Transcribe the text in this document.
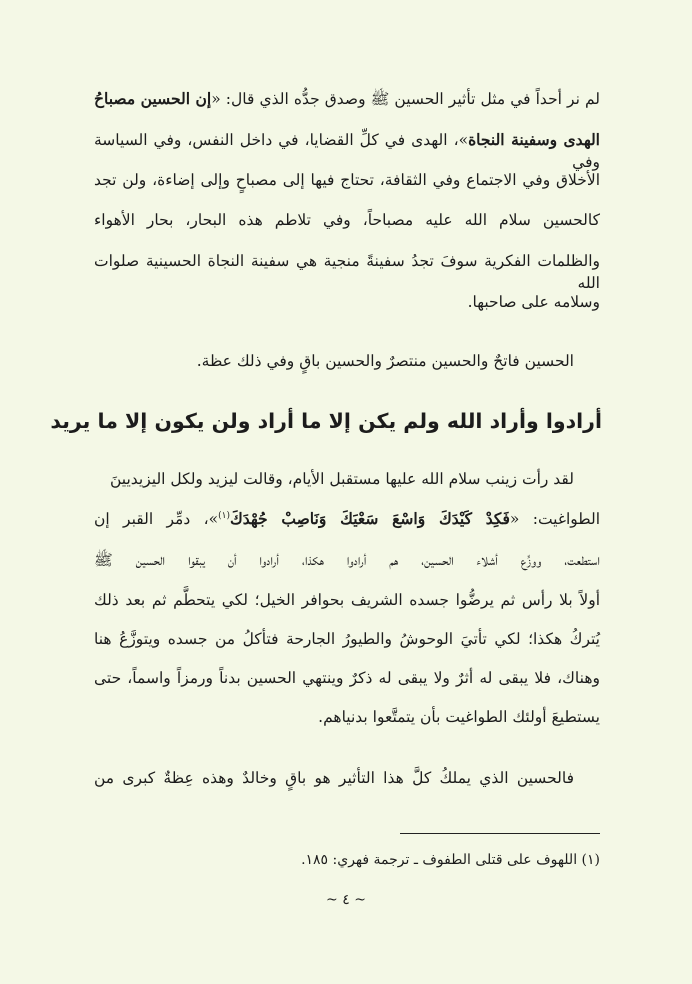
لم نر أحداً في مثل تأثير الحسين ﷺ وصدق جدُّه الذي قال: «إن الحسين مصباحُ
الهدى وسفينة النجاة»، الهدى في كلِّ القضايا، في داخل النفس، وفي السياسة وفي
الأخلاق وفي الاجتماع وفي الثقافة، تحتاج فيها إلى مصباحٍ وإلى إضاءة، ولن تجد
كالحسين سلام الله عليه مصباحاً، وفي تلاطم هذه البحار، بحار الأهواء
والظلمات الفكرية سوفَ تجدُ سفينةً منجية هي سفينة النجاة الحسينية صلوات الله
وسلامه على صاحبها.
الحسين فاتحٌ والحسين منتصرٌ والحسين باقٍ وفي ذلك عظة.
أرادوا وأراد الله ولم يكن إلا ما أراد ولن يكون إلا ما يريد
لقد رأت زينب سلام الله عليها مستقبل الأيام، وقالت ليزيد ولكل اليزيديينَ
الطواغيت: «فَكِدْ كَيْدَكَ وَاسْعَ سَعْيَكَ وَنَاصِبْ جُهْدَكَ$^{(١)}$»، دمِّر القبر إن
استطعت، ووزِّع أشلاء الحسين، هم أرادوا هكذا، أرادوا أن يبقوا الحسين ﷺ
أولاً بلا رأس ثم يرضُّوا جسده الشريف بحوافر الخيل؛ لكي يتحطَّم ثم بعد ذلك
يُتركُ هكذا؛ لكي تأتيَ الوحوشُ والطيورُ الجارحة فتأكلُ من جسده ويتوزَّعُ هنا
وهناك، فلا يبقى له أثرٌ ولا يبقى له ذكرٌ وينتهي الحسين بدناً ورمزاً واسماً، حتى
يستطيعَ أولئك الطواغيت بأن يتمتَّعوا بدنياهم.
فالحسين الذي يملكُ كلَّ هذا التأثير هو باقٍ وخالدٌ وهذه عِظةٌ كبرى من
(١) اللهوف على قتلى الطفوف ـ ترجمة فهري: ١٨٥.
~ ٤ ~
